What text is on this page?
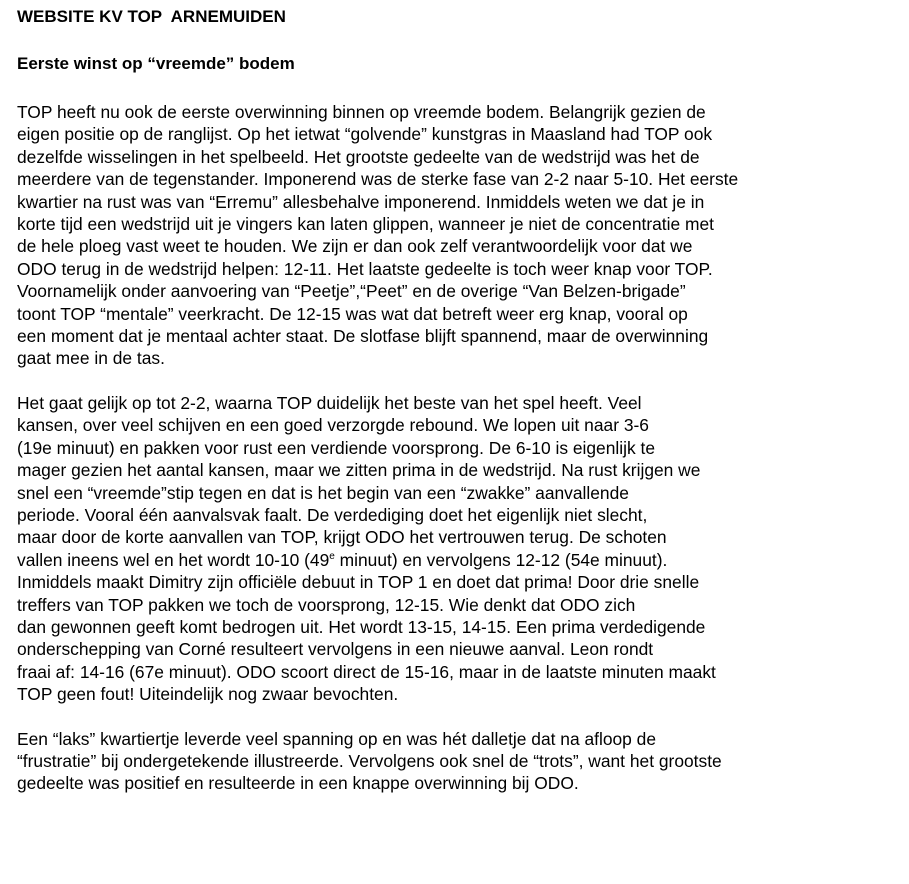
WEBSITE KV TOP  ARNEMUIDEN
Eerste winst op “vreemde” bodem
TOP heeft nu ook de eerste overwinning binnen op vreemde bodem. Belangrijk gezien de
eigen positie op de ranglijst. Op het ietwat “golvende” kunstgras in Maasland had TOP ook
dezelfde wisselingen in het spelbeeld. Het grootste gedeelte van de wedstrijd was het de
meerdere van de tegenstander. Imponerend was de sterke fase van 2-2 naar 5-10. Het eerste
kwartier na rust was van “Erremu” allesbehalve imponerend. Inmiddels weten we dat je in
korte tijd een wedstrijd uit je vingers kan laten glippen, wanneer je niet de concentratie met
de hele ploeg vast weet te houden. We zijn er dan ook zelf verantwoordelijk voor dat we
ODO terug in de wedstrijd helpen: 12-11. Het laatste gedeelte is toch weer knap voor TOP.
Voornamelijk onder aanvoering van “Peetje”,“Peet” en de overige “Van Belzen-brigade”
toont TOP “mentale” veerkracht. De 12-15 was wat dat betreft weer erg knap, vooral op
een moment dat je mentaal achter staat. De slotfase blijft spannend, maar de overwinning
gaat mee in de tas.
Het gaat gelijk op tot 2-2, waarna TOP duidelijk het beste van het spel heeft. Veel
kansen, over veel schijven en een goed verzorgde rebound. We lopen uit naar 3-6
(19e minuut) en pakken voor rust een verdiende voorsprong. De 6-10 is eigenlijk te
mager gezien het aantal kansen, maar we zitten prima in de wedstrijd. Na rust krijgen we
snel een “vreemde”stip tegen en dat is het begin van een “zwakke” aanvallende
periode. Vooral één aanvalsvak faalt. De verdediging doet het eigenlijk niet slecht,
maar door de korte aanvallen van TOP, krijgt ODO het vertrouwen terug. De schoten
vallen ineens wel en het wordt 10-10 (49e minuut) en vervolgens 12-12 (54e minuut).
Inmiddels maakt Dimitry zijn officiële debuut in TOP 1 en doet dat prima! Door drie snelle
treffers van TOP pakken we toch de voorsprong, 12-15. Wie denkt dat ODO zich
dan gewonnen geeft komt bedrogen uit. Het wordt 13-15, 14-15. Een prima verdedigende
onderschepping van Corné resulteert vervolgens in een nieuwe aanval. Leon rondt
fraai af: 14-16 (67e minuut). ODO scoort direct de 15-16, maar in de laatste minuten maakt
TOP geen fout! Uiteindelijk nog zwaar bevochten.
Een “laks” kwartiertje leverde veel spanning op en was hét dalletje dat na afloop de
“frustratie” bij ondergetekende illustreerde. Vervolgens ook snel de “trots”, want het grootste
gedeelte was positief en resulteerde in een knappe overwinning bij ODO.
